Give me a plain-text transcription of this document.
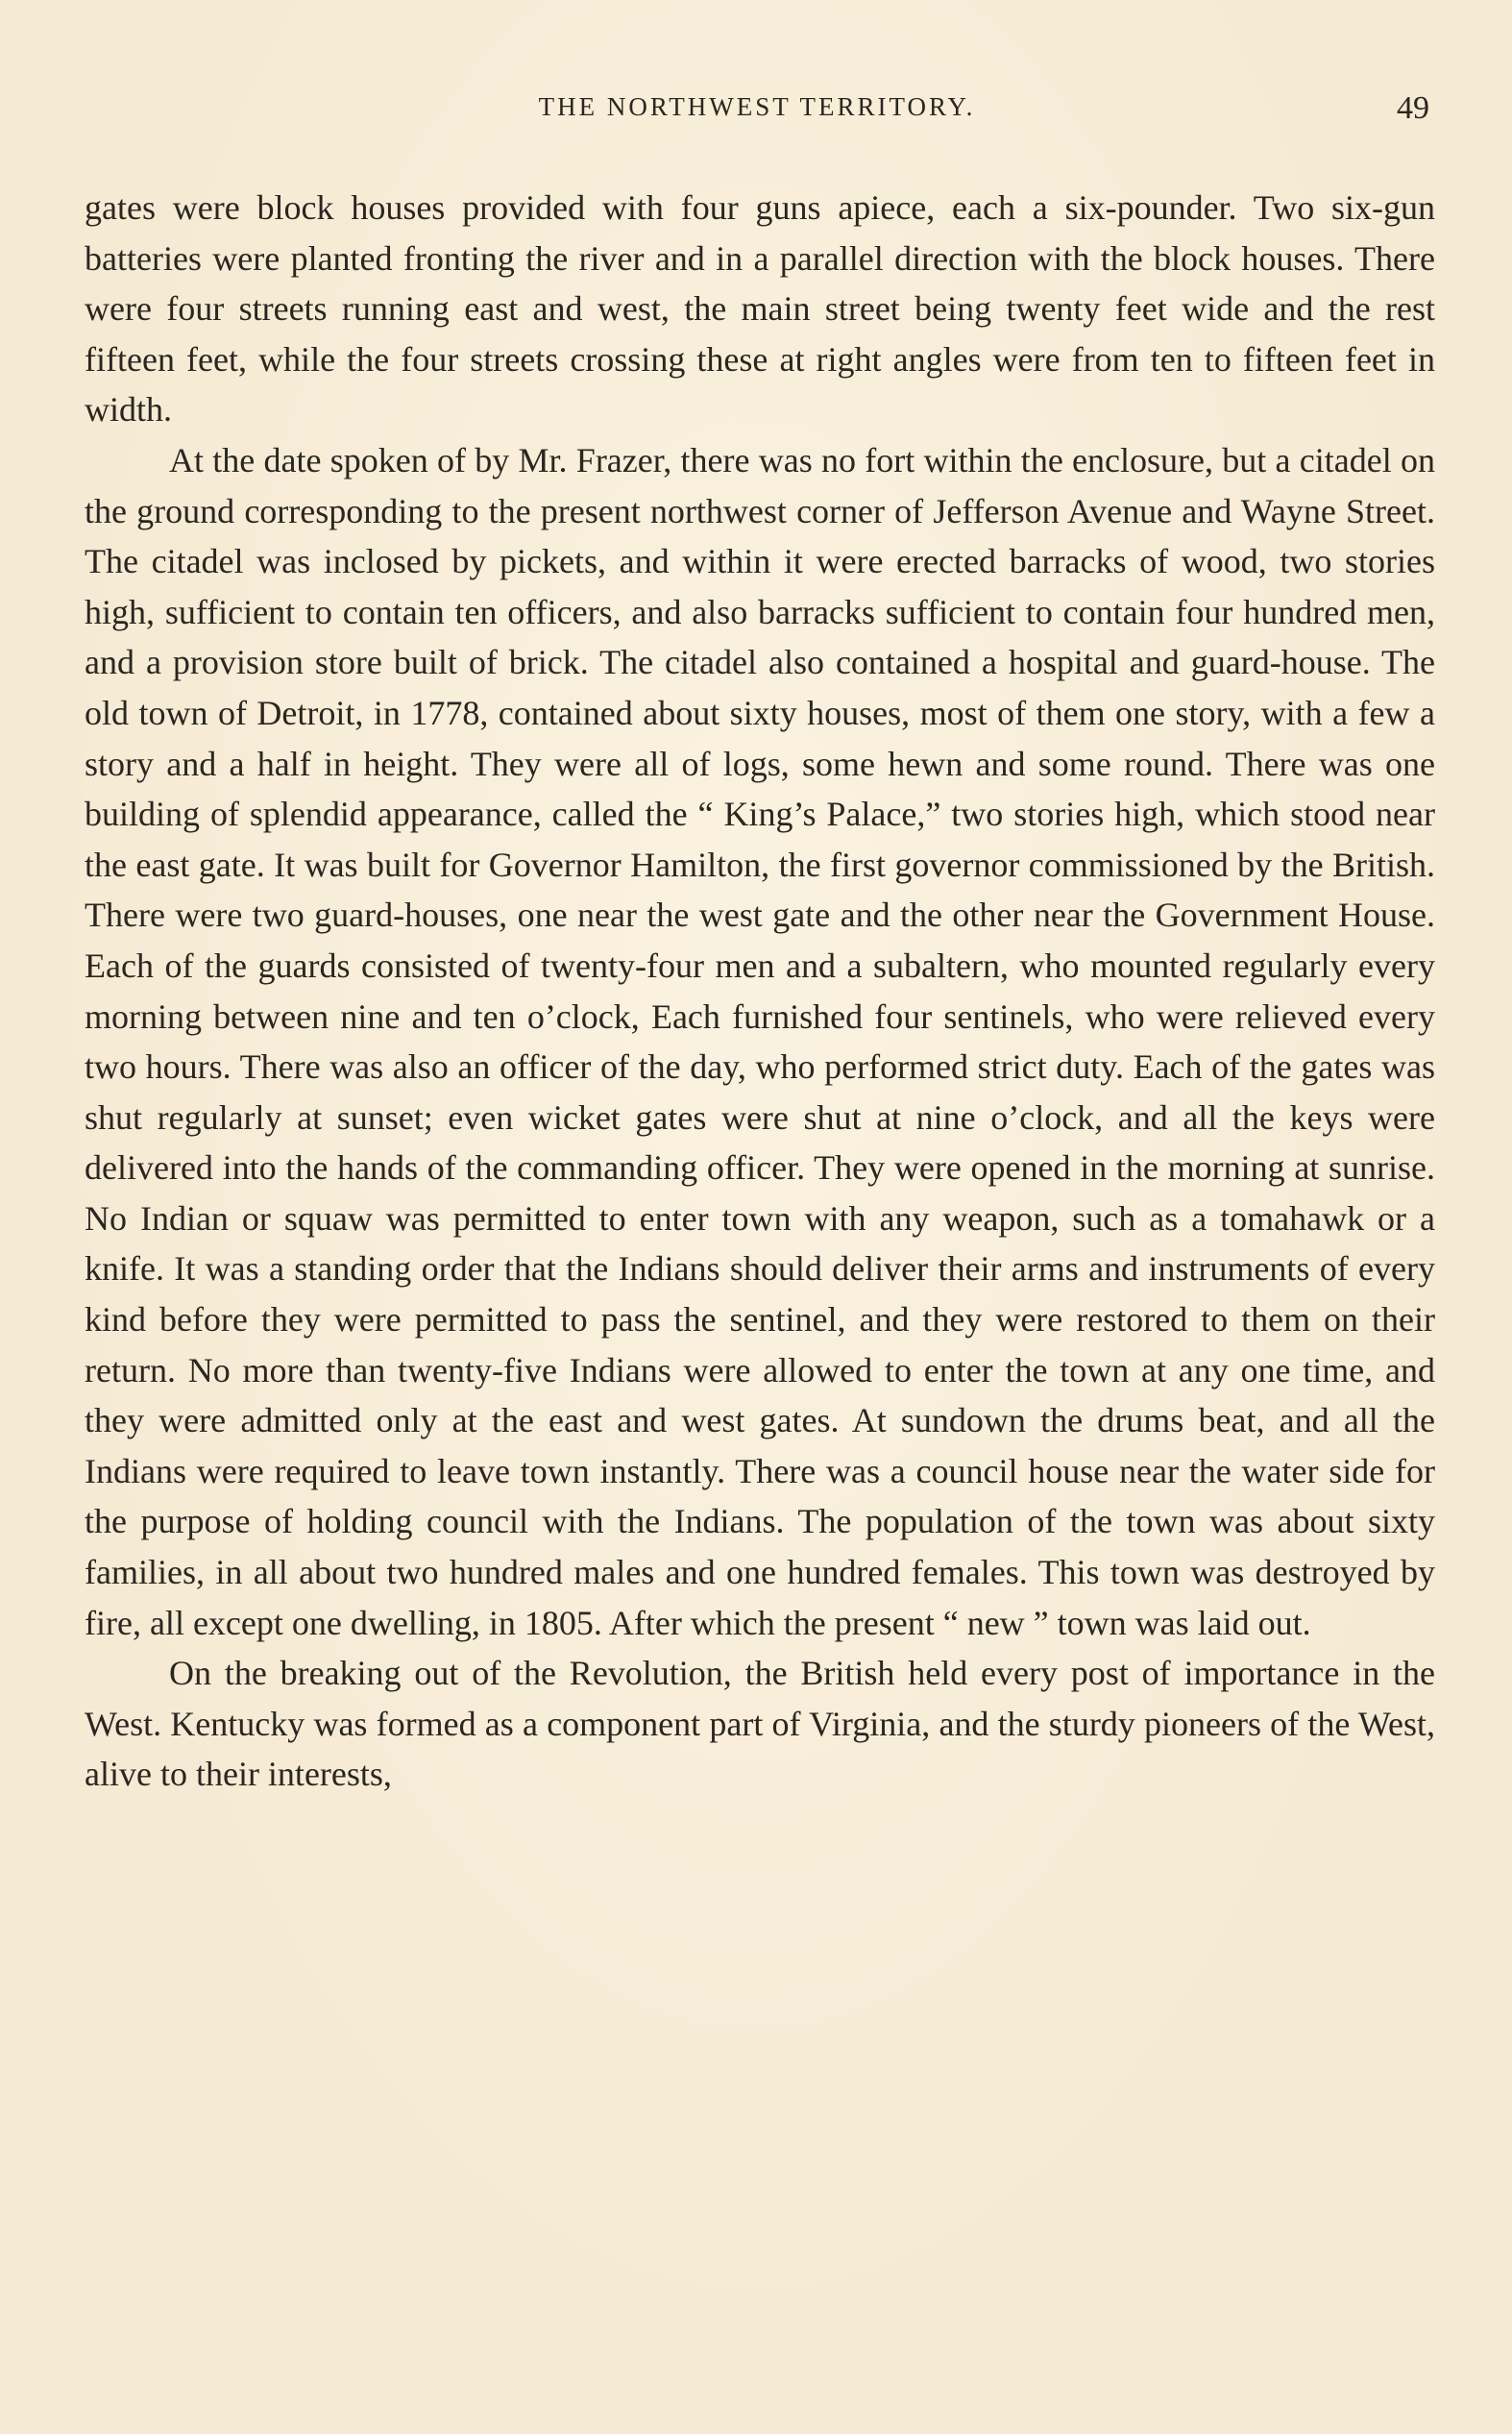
THE NORTHWEST TERRITORY.	49

gates were block houses provided with four guns apiece, each a six-pounder. Two six-gun batteries were planted fronting the river and in a parallel direction with the block houses. There were four streets running east and west, the main street being twenty feet wide and the rest fifteen feet, while the four streets crossing these at right angles were from ten to fifteen feet in width.

At the date spoken of by Mr. Frazer, there was no fort within the enclosure, but a citadel on the ground corresponding to the present northwest corner of Jefferson Avenue and Wayne Street. The citadel was inclosed by pickets, and within it were erected barracks of wood, two stories high, sufficient to contain ten officers, and also barracks sufficient to contain four hundred men, and a provision store built of brick. The citadel also contained a hospital and guard-house. The old town of Detroit, in 1778, contained about sixty houses, most of them one story, with a few a story and a half in height. They were all of logs, some hewn and some round. There was one building of splendid appearance, called the “ King’s Palace,” two stories high, which stood near the east gate. It was built for Governor Hamilton, the first governor commissioned by the British. There were two guard-houses, one near the west gate and the other near the Government House. Each of the guards consisted of twenty-four men and a subaltern, who mounted regularly every morning between nine and ten o’clock, Each furnished four sentinels, who were relieved every two hours. There was also an officer of the day, who performed strict duty. Each of the gates was shut regularly at sunset; even wicket gates were shut at nine o’clock, and all the keys were delivered into the hands of the commanding officer. They were opened in the morning at sunrise. No Indian or squaw was permitted to enter town with any weapon, such as a tomahawk or a knife. It was a standing order that the Indians should deliver their arms and instruments of every kind before they were permitted to pass the sentinel, and they were restored to them on their return. No more than twenty-five Indians were allowed to enter the town at any one time, and they were admitted only at the east and west gates. At sundown the drums beat, and all the Indians were required to leave town instantly. There was a council house near the water side for the purpose of holding council with the Indians. The population of the town was about sixty families, in all about two hundred males and one hundred females. This town was destroyed by fire, all except one dwelling, in 1805. After which the present “ new ” town was laid out.

On the breaking out of the Revolution, the British held every post of importance in the West. Kentucky was formed as a component part of Virginia, and the sturdy pioneers of the West, alive to their interests,
